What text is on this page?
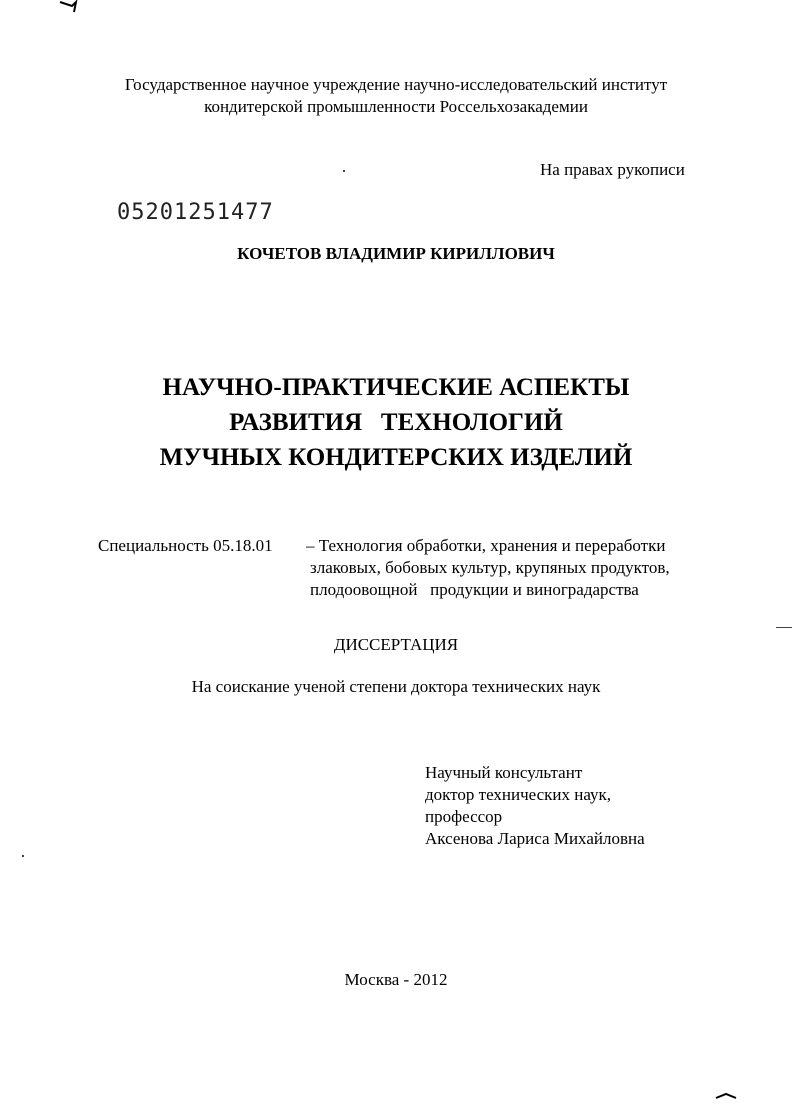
Государственное научное учреждение научно-исследовательский институт
кондитерской промышленности Россельхозакадемии
На правах рукописи
05201251477
КОЧЕТОВ ВЛАДИМИР КИРИЛЛОВИЧ
НАУЧНО-ПРАКТИЧЕСКИЕ АСПЕКТЫ
РАЗВИТИЯ   ТЕХНОЛОГИЙ
МУЧНЫХ КОНДИТЕРСКИХ ИЗДЕЛИЙ
Специальность 05.18.01 – Технология обработки, хранения и переработки
злаковых, бобовых культур, крупяных продуктов,
плодоовощной   продукции и виноградарства
ДИССЕРТАЦИЯ
На соискание ученой степени доктора технических наук
Научный консультант
доктор технических наук,
профессор
Аксенова Лариса Михайловна
Москва - 2012
